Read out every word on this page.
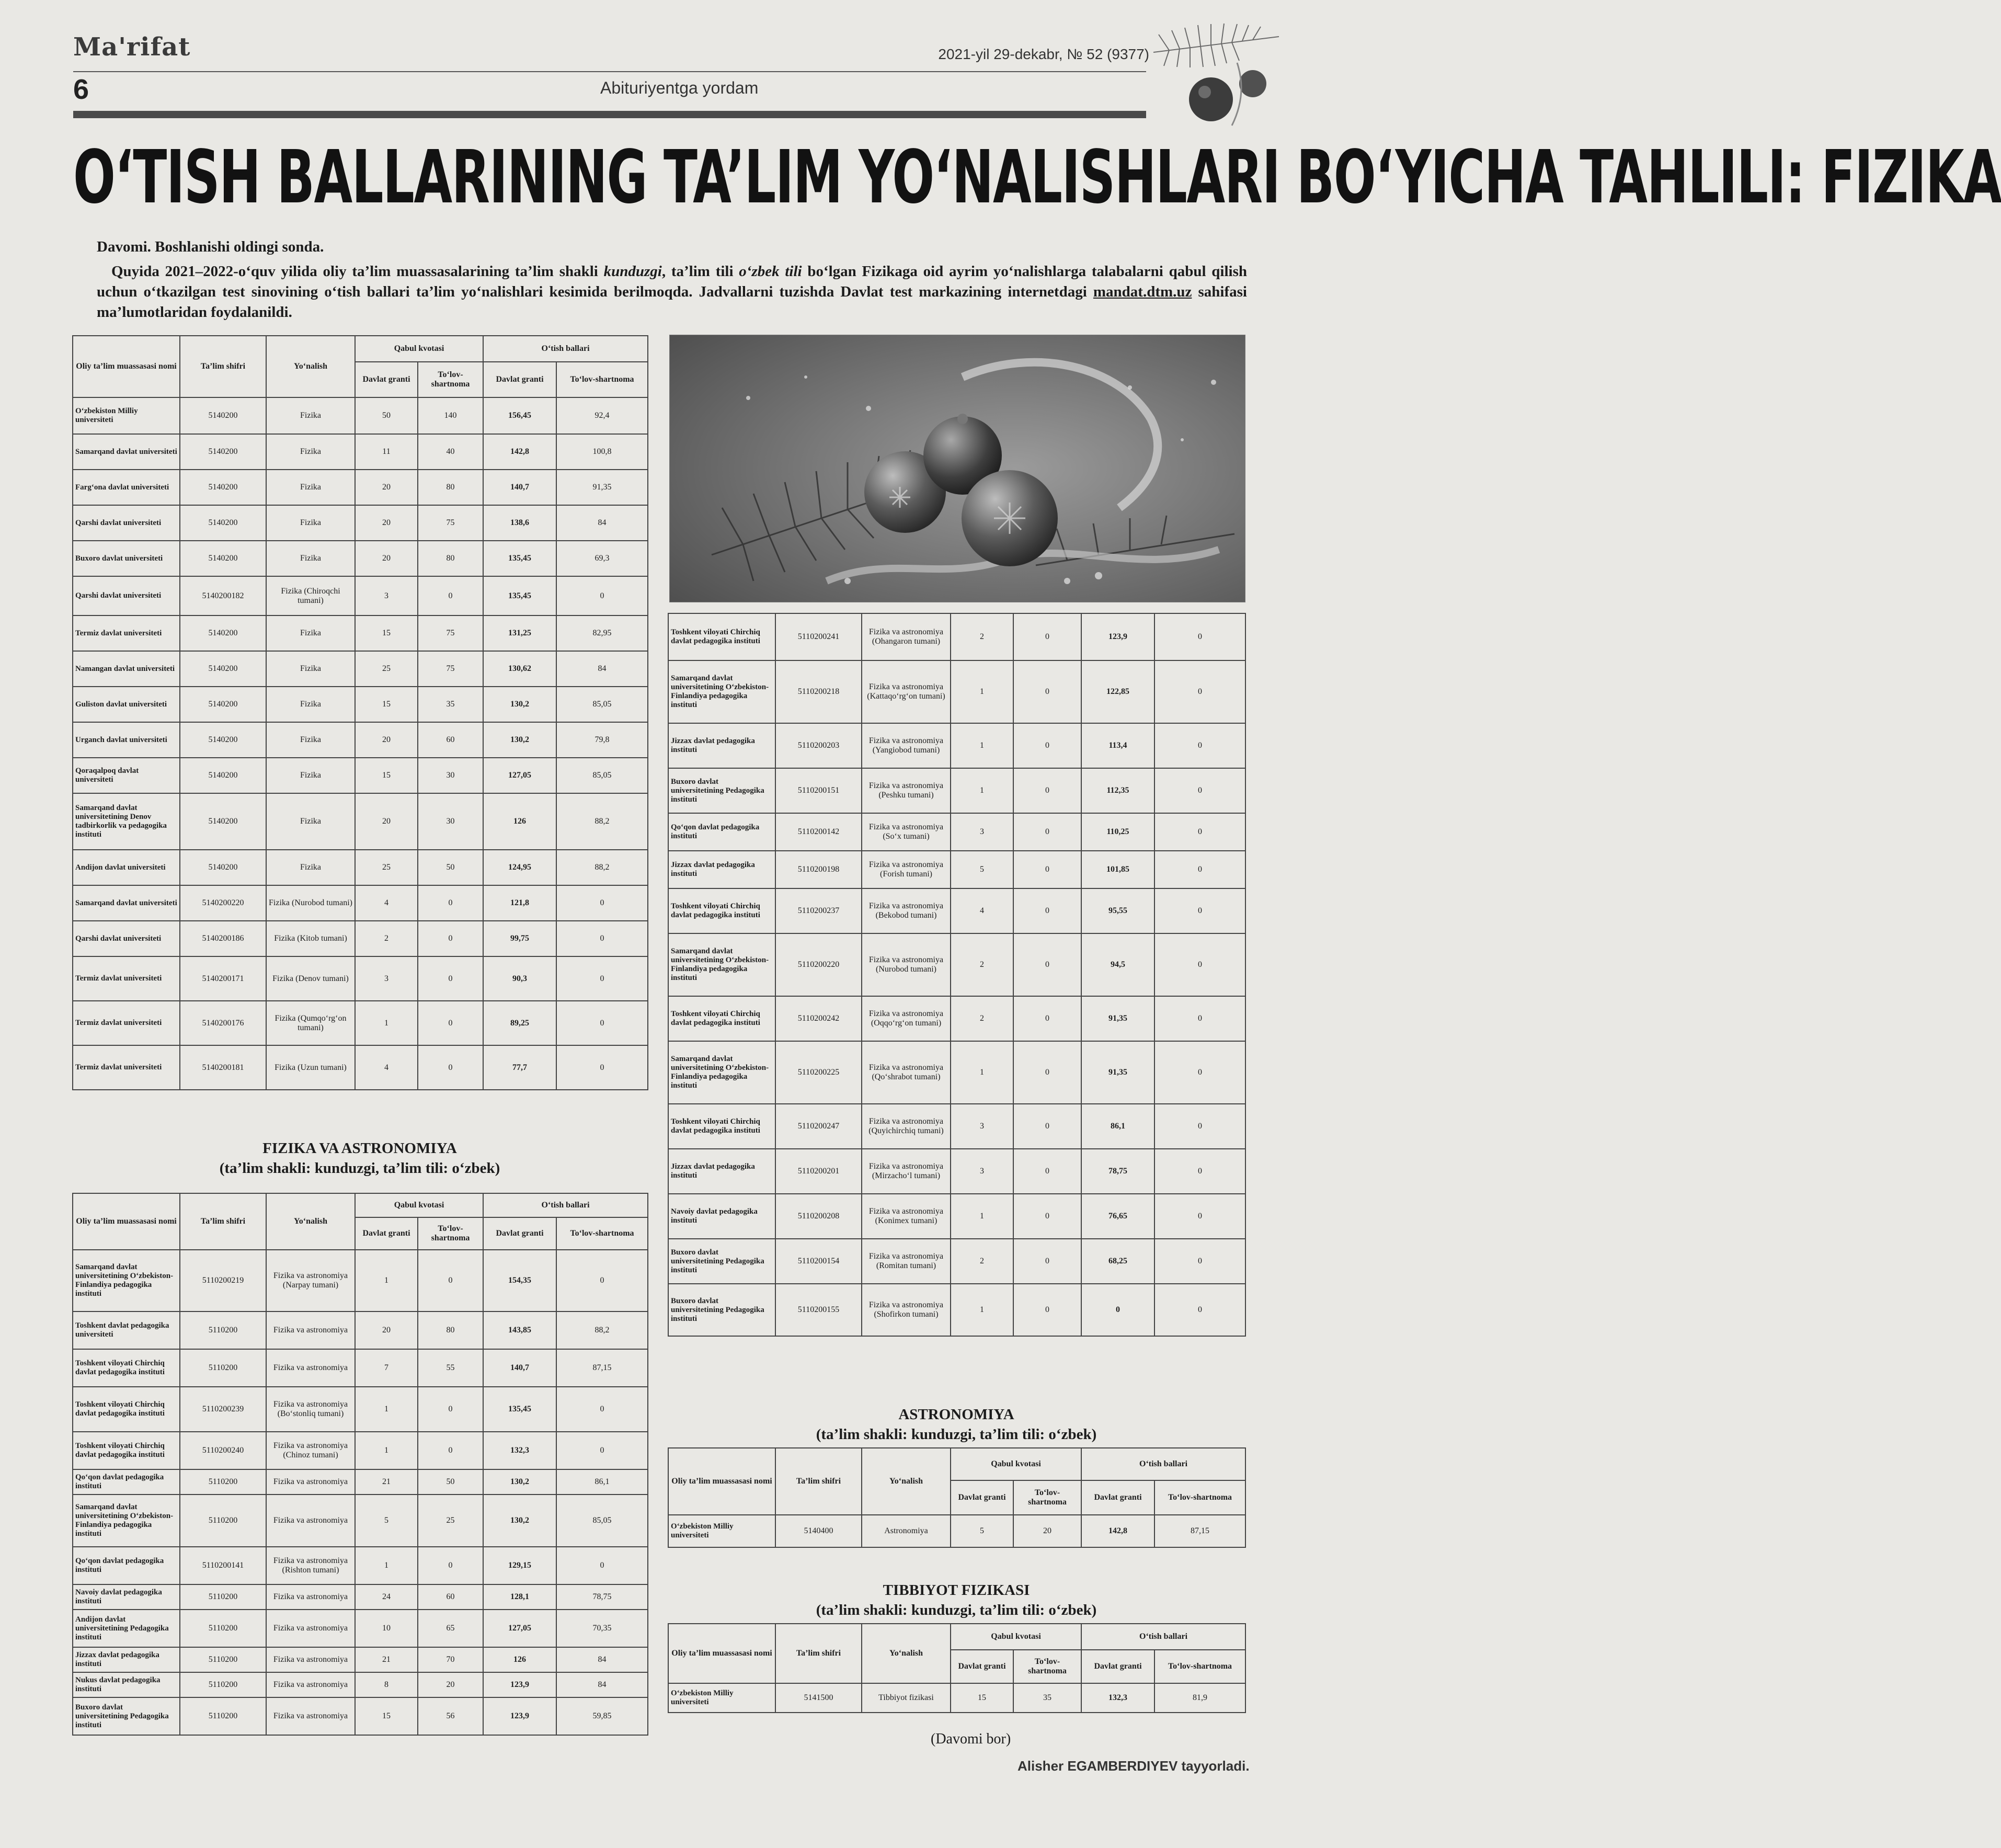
Ma'rifat	2021-yil 29-dekabr, № 52 (9377)
6	Abituriyentga yordam
O‘TISH BALLARINING TA’LIM YO‘NALISHLARI BO‘YICHA TAHLILI: FIZIKA
Davomi. Boshlanishi oldingi sonda.
Quyida 2021–2022-o‘quv yilida oliy ta’lim muassasalarining ta’lim shakli kunduzgi, ta’lim tili o‘zbek tili bo‘lgan Fizikaga oid ayrim yo‘nalishlarga talabalarni qabul qilish uchun o‘tkazilgan test sinovining o‘tish ballari ta’lim yo‘nalishlari kesimida berilmoqda. Jadvallarni tuzishda Davlat test markazining internetdagi mandat.dtm.uz sahifasi ma’lumotlaridan foydalanildi.
Oliy ta’lim muassasasi nomi	Ta’lim shifri	Yo‘nalish	Qabul kvotasi		O‘tish ballari	
			Davlat granti	To‘lov-shartnoma	Davlat granti	To‘lov-shartnoma
O‘zbekiston Milliy universiteti	5140200	Fizika	50	140	156,45	92,4
Samarqand davlat universiteti	5140200	Fizika	11	40	142,8	100,8
Farg‘ona davlat universiteti	5140200	Fizika	20	80	140,7	91,35
Qarshi davlat universiteti	5140200	Fizika	20	75	138,6	84
Buxoro davlat universiteti	5140200	Fizika	20	80	135,45	69,3
Qarshi davlat universiteti	5140200182	Fizika (Chiroqchi tumani)	3	0	135,45	0
Termiz davlat universiteti	5140200	Fizika	15	75	131,25	82,95
Namangan davlat universiteti	5140200	Fizika	25	75	130,62	84
Guliston davlat universiteti	5140200	Fizika	15	35	130,2	85,05
Urganch davlat universiteti	5140200	Fizika	20	60	130,2	79,8
Qoraqalpoq davlat universiteti	5140200	Fizika	15	30	127,05	85,05
Samarqand davlat universitetining Denov tadbirkorlik va pedagogika instituti	5140200	Fizika	20	30	126	88,2
Andijon davlat universiteti	5140200	Fizika	25	50	124,95	88,2
Samarqand davlat universiteti	5140200220	Fizika (Nurobod tumani)	4	0	121,8	0
Qarshi davlat universiteti	5140200186	Fizika (Kitob tumani)	2	0	99,75	0
Termiz davlat universiteti	5140200171	Fizika (Denov tumani)	3	0	90,3	0
Termiz davlat universiteti	5140200176	Fizika (Qumqo‘rg‘on tumani)	1	0	89,25	0
Termiz davlat universiteti	5140200181	Fizika (Uzun tumani)	4	0	77,7	0
FIZIKA VA ASTRONOMIYA
(ta’lim shakli: kunduzgi, ta’lim tili: o‘zbek)
Oliy ta’lim muassasasi nomi	Ta’lim shifri	Yo‘nalish	Qabul kvotasi		O‘tish ballari	
			Davlat granti	To‘lov-shartnoma	Davlat granti	To‘lov-shartnoma
Samarqand davlat universitetining O‘zbekiston-Finlandiya pedagogika instituti	5110200219	Fizika va astronomiya (Narpay tumani)	1	0	154,35	0
Toshkent davlat pedagogika universiteti	5110200	Fizika va astronomiya	20	80	143,85	88,2
Toshkent viloyati Chirchiq davlat pedagogika instituti	5110200	Fizika va astronomiya	7	55	140,7	87,15
Toshkent viloyati Chirchiq davlat pedagogika instituti	5110200239	Fizika va astronomiya (Bo‘stonliq tumani)	1	0	135,45	0
Toshkent viloyati Chirchiq davlat pedagogika instituti	5110200240	Fizika va astronomiya (Chinoz tumani)	1	0	132,3	0
Qo‘qon davlat pedagogika instituti	5110200	Fizika va astronomiya	21	50	130,2	86,1
Samarqand davlat universitetining O‘zbekiston-Finlandiya pedagogika instituti	5110200	Fizika va astronomiya	5	25	130,2	85,05
Qo‘qon davlat pedagogika instituti	5110200141	Fizika va astronomiya (Rishton tumani)	1	0	129,15	0
Navoiy davlat pedagogika instituti	5110200	Fizika va astronomiya	24	60	128,1	78,75
Andijon davlat universitetining Pedagogika instituti	5110200	Fizika va astronomiya	10	65	127,05	70,35
Jizzax davlat pedagogika instituti	5110200	Fizika va astronomiya	21	70	126	84
Nukus davlat pedagogika instituti	5110200	Fizika va astronomiya	8	20	123,9	84
Buxoro davlat universitetining Pedagogika instituti	5110200	Fizika va astronomiya	15	56	123,9	59,85
Toshkent viloyati Chirchiq davlat pedagogika instituti	5110200241	Fizika va astronomiya (Ohangaron tumani)	2	0	123,9	0
Samarqand davlat universitetining O‘zbekiston-Finlandiya pedagogika instituti	5110200218	Fizika va astronomiya (Kattaqo‘rg‘on tumani)	1	0	122,85	0
Jizzax davlat pedagogika instituti	5110200203	Fizika va astronomiya (Yangiobod tumani)	1	0	113,4	0
Buxoro davlat universitetining Pedagogika instituti	5110200151	Fizika va astronomiya (Peshku tumani)	1	0	112,35	0
Qo‘qon davlat pedagogika instituti	5110200142	Fizika va astronomiya (So‘x tumani)	3	0	110,25	0
Jizzax davlat pedagogika instituti	5110200198	Fizika va astronomiya (Forish tumani)	5	0	101,85	0
Toshkent viloyati Chirchiq davlat pedagogika instituti	5110200237	Fizika va astronomiya (Bekobod tumani)	4	0	95,55	0
Samarqand davlat universitetining O‘zbekiston-Finlandiya pedagogika instituti	5110200220	Fizika va astronomiya (Nurobod tumani)	2	0	94,5	0
Toshkent viloyati Chirchiq davlat pedagogika instituti	5110200242	Fizika va astronomiya (Oqqo‘rg‘on tumani)	2	0	91,35	0
Samarqand davlat universitetining O‘zbekiston-Finlandiya pedagogika instituti	5110200225	Fizika va astronomiya (Qo‘shrabot tumani)	1	0	91,35	0
Toshkent viloyati Chirchiq davlat pedagogika instituti	5110200247	Fizika va astronomiya (Quyichirchiq tumani)	3	0	86,1	0
Jizzax davlat pedagogika instituti	5110200201	Fizika va astronomiya (Mirzacho‘l tumani)	3	0	78,75	0
Navoiy davlat pedagogika instituti	5110200208	Fizika va astronomiya (Konimex tumani)	1	0	76,65	0
Buxoro davlat universitetining Pedagogika instituti	5110200154	Fizika va astronomiya (Romitan tumani)	2	0	68,25	0
Buxoro davlat universitetining Pedagogika instituti	5110200155	Fizika va astronomiya (Shofirkon tumani)	1	0	0	0
ASTRONOMIYA
(ta’lim shakli: kunduzgi, ta’lim tili: o‘zbek)
Oliy ta’lim muassasasi nomi	Ta’lim shifri	Yo‘nalish	Qabul kvotasi		O‘tish ballari	
			Davlat granti	To‘lov-shartnoma	Davlat granti	To‘lov-shartnoma
O‘zbekiston Milliy universiteti	5140400	Astronomiya	5	20	142,8	87,15
TIBBIYOT FIZIKASI
(ta’lim shakli: kunduzgi, ta’lim tili: o‘zbek)
Oliy ta’lim muassasasi nomi	Ta’lim shifri	Yo‘nalish	Qabul kvotasi		O‘tish ballari	
			Davlat granti	To‘lov-shartnoma	Davlat granti	To‘lov-shartnoma
O‘zbekiston Milliy universiteti	5141500	Tibbiyot fizikasi	15	35	132,3	81,9
(Davomi bor)
Alisher EGAMBERDIYEV tayyorladi.
